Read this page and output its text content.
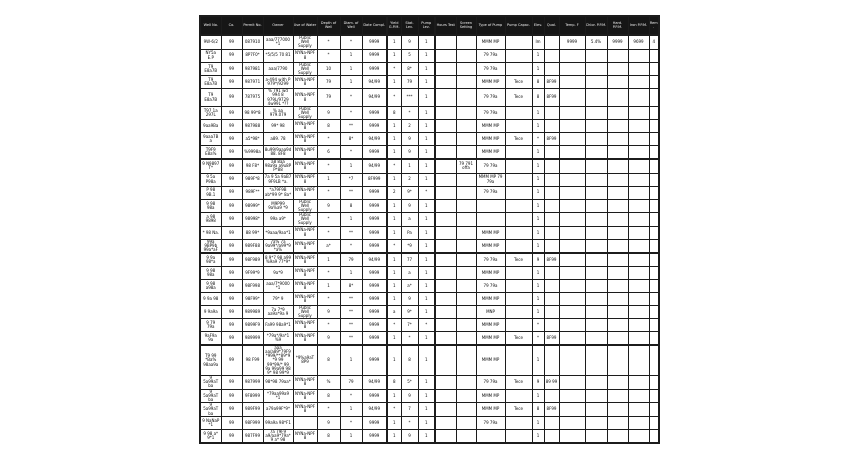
Well No.	Co.	Permit No.	Owner	Use of Water	Depth of Well	Diam. of Well	Date Compl.	Yield G.P.M.	Stat. Lev.	Pump Lev.	Hours Test	Screen Setting	Type of Pump	Pump Capac.	Elev.	Qual.	Temp. F	Chlor. P.P.M.	Hard. P.P.M.	Iron P.P.M.	Rem.
9W-6/2	99	087910	aaa/777000 *1	Public Well Supply	*	*	9999	1	9	1			MMM MP		Im		9999	5.4%	9999	9699	4
NY5a E.P	99	8P7F0*	*5/5/5 70 81	NYNa-NPF 8	*	1	9999	1	5	1			79 79a		1						
T9 E8a7B	99	987981	aaa/7790	Public Well Supply	10	1	9999	*	8*	1			79 79a		1						
T9 E8a7B	99	987971	a-494 with P 979*/9299	NYNa-NPF 8	79	1	94/99	1	79	1			MMM MP	Tece	8	8F99					
T9 E8a7B	99	787975	% 791 wd 994 8 979L/9729 4w99L *??	NYNa-NPF 8	79	*	94/99	*	***	1			79 79a	Tece	8	8F99					
T97 1a 297L	99	98 99*8	% aa 979.079	Public Well Supply	9	*	9999	8	*	1			79 79a		1						
9aa9Ba	99	987988	99* 98	NYNa-NPF 8	8	**	9999	1	2	1			MMM MP		1						
9aaa7Ba	99	a5*98*	a89. 78	NYNa-NPF 8	*	8*	94/99	1	9	1			MMM MP	Tece	*	8F99					
T9F9 E8a%	99	%9998a	8u99/9aaa9d 88. 8F8	NYNa-NPF 8	6	*	9999	1	9	1			MMM MP		1						
9 N9897 T*	99	98 F8*	a8 8aa 98a9a a9u8P P*88	NYNa-NPF 8	*	1	94/99	*	1	1		79 791 offa	79 79a		1						
9 5a P98a	99	989F*8	7a 9 5a 9aB7 9F9LB *a.	NYNa-NPF 8	1	*7	8F999	1	2	1			MMM MP 79 79a		1						
P 98 9B.1	99	989F**	*a79F9B ab*99 9* 8a*	NYNa-NPF 8	*	**	9999	2	9*	*			79 79a		1						
9 98 98a	99	98999*	M9P99 9a%a9 *9	Public Well Supply	9	8	9999	1	9	1					1						
a 98 9898	99	98998*	99a a9*	Public Well Supply	*	1	9999	1	a	1					1						
* 98 Na.	99	88 99*	*9aaa/9aa*1	NYNa-NPF 8	*	**	9999	1	Pa	1			MMM MP		1						
99a 9BP9b 99a*aF	99	989F88	7a% 7a 9a99*/a99*9 *a%	NYNa-NPF 8	a*	*	9999	*	*9	1			MMM MP		1						
9 9a 98*a	99	98F989	8 9*7 98 a99 %9a9 77*9*	NYNa-NPF 8	1	79	94/99	1	77	1			79 79a	Tece	9	8F99					
9 98 98a	99	9F99*9	9a*9	NYNa-NPF 8	*	1	9999	1	a	1			MMM MP		1						
9 98 a98a	99	98F998	aaa/7*9000 *1	NYNa-NPF 8	1	8*	9999	1	a*	1			79 79a		1						
9 9a 98	99	98F99*	79* 9	NYNa-NPF 8	*	**	9999	1	9	1			MMM MP		1						
9 9a9a	99	989989	7a 7*9 aa9a*9a 9	Public Well Supply	9	**	9999	a	9*	1			MNP		1						
9 79 79a	99	9899F9	Fa99 98a9*1	NYNa-NPF 8	*	**	9999	*	7*	*			MMM MP		*						
9aF9a 9a	99	989999	*79a*/9a*1 %9	NYNa-NPF 8	9	**	9999	1	*	1			MMM MP	Tece	*	8F99					
T9 99 *Ba% 98aa9a	99	98 F99	aaa aa/a89*79F9 *999/**89*9 *9 99 99*99/* 99 9a 99a99 98 9* 98 99*9	*9%a9aT 8P9	8	1	9999	1	8	1			MMM MP		1						
9 5a99aTba	99	987999	98*98 79aa*	NYNa-NPF 8	%	79	94/99	8	5*	1			79 79a	Tece	9	89 99					
9 5a99aTba	99	9F8999	*79aa99a9 *1	NYNa-NPF 8	8	*	9999	1	9	1			MMM MP		1						
9 5a99aTba	99	989F99	a79a99F*9*	NYNa-NPF 8	*	1	94/99	*	7	1			MMM MP	Tece	8	8F99					
9 NaNaP *1	99	98F999	99a9a 98*F1		9	*	9999	1	*	1			79 79a		1						
9 98 a* 9*1	99	987F99	7a 79F9 a9/aa9*79a*9 a* 98	NYNa-NPF 8	8	1	9999	1	9	1					1						
